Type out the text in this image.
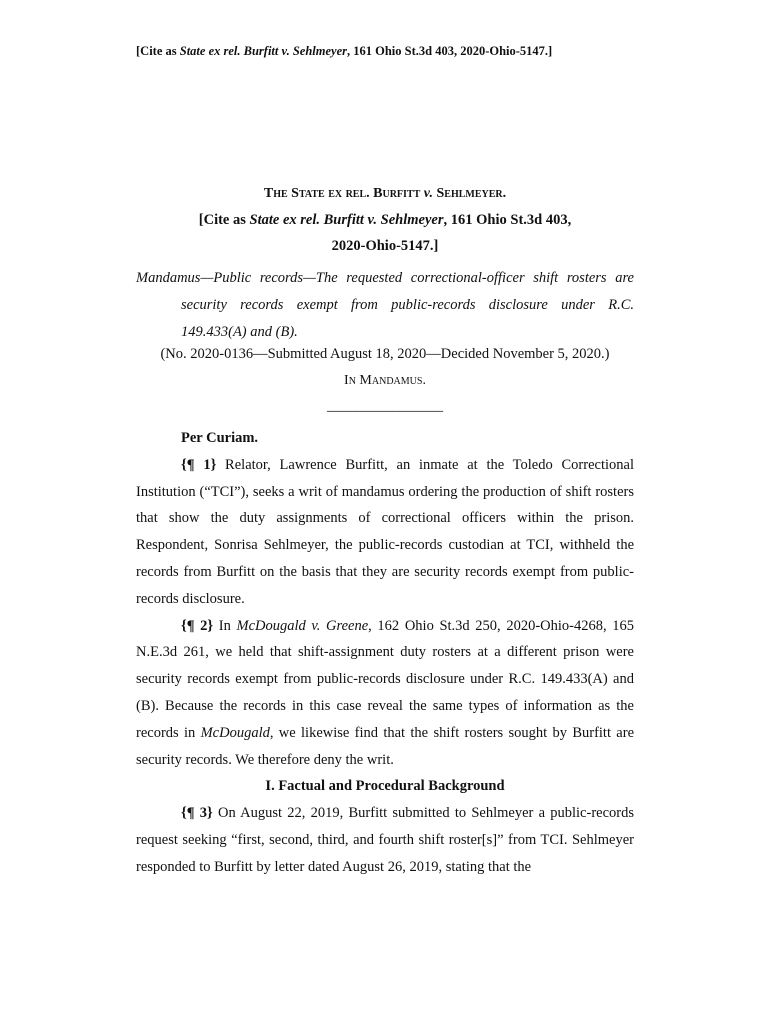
[Cite as State ex rel. Burfitt v. Sehlmeyer, 161 Ohio St.3d 403, 2020-Ohio-5147.]
The State ex rel. Burfitt v. Sehlmeyer.
[Cite as State ex rel. Burfitt v. Sehlmeyer, 161 Ohio St.3d 403,
2020-Ohio-5147.]
Mandamus—Public records—The requested correctional-officer shift rosters are
security records exempt from public-records disclosure under R.C.
149.433(A) and (B).
(No. 2020-0136—Submitted August 18, 2020—Decided November 5, 2020.)
In Mandamus.
________________

Per Curiam.

{¶ 1} Relator, Lawrence Burfitt, an inmate at the Toledo Correctional Institution (“TCI”), seeks a writ of mandamus ordering the production of shift rosters that show the duty assignments of correctional officers within the prison. Respondent, Sonrisa Sehlmeyer, the public-records custodian at TCI, withheld the records from Burfitt on the basis that they are security records exempt from public-records disclosure.

{¶ 2} In McDougald v. Greene, 162 Ohio St.3d 250, 2020-Ohio-4268, 165 N.E.3d 261, we held that shift-assignment duty rosters at a different prison were security records exempt from public-records disclosure under R.C. 149.433(A) and (B). Because the records in this case reveal the same types of information as the records in McDougald, we likewise find that the shift rosters sought by Burfitt are security records. We therefore deny the writ.

I. Factual and Procedural Background

{¶ 3} On August 22, 2019, Burfitt submitted to Sehlmeyer a public-records request seeking “first, second, third, and fourth shift roster[s]” from TCI. Sehlmeyer responded to Burfitt by letter dated August 26, 2019, stating that the
